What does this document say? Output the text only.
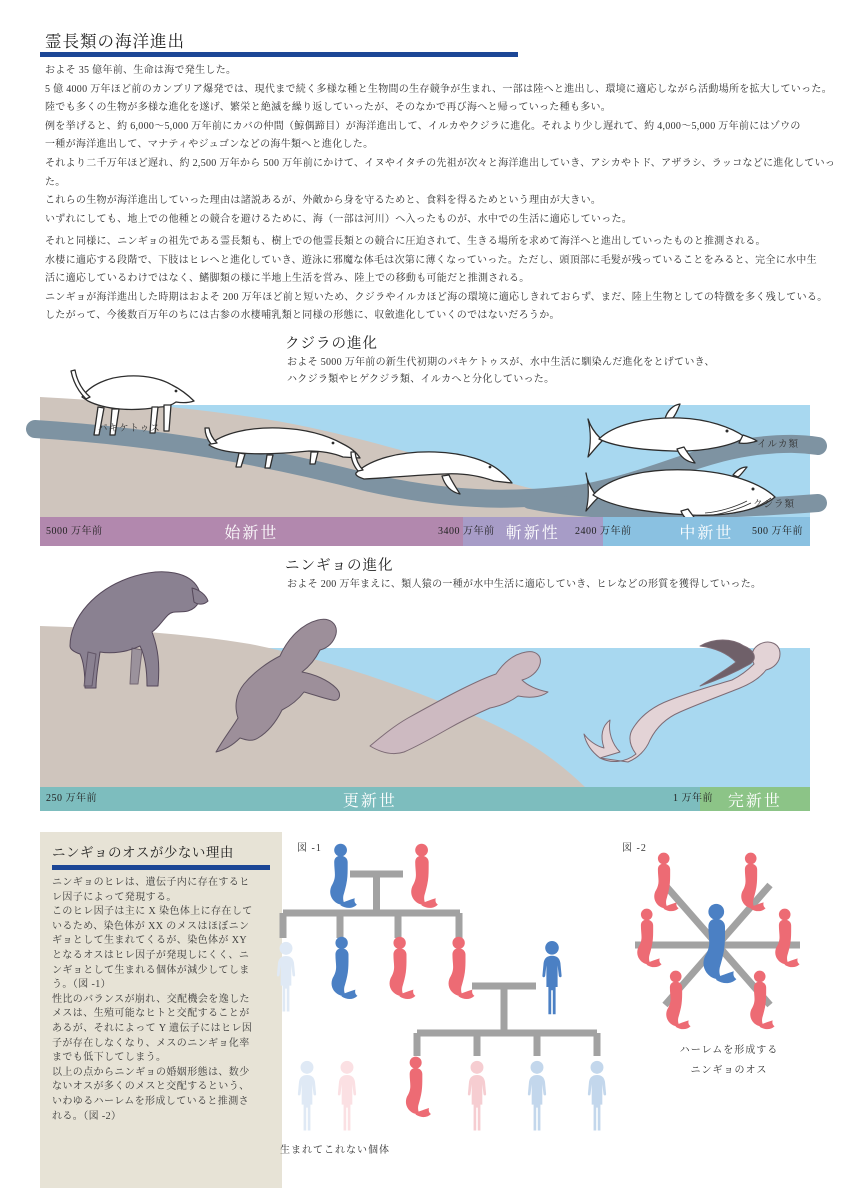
霊長類の海洋進出
およそ 35 億年前、生命は海で発生した。
5 億 4000 万年ほど前のカンブリア爆発では、現代まで続く多様な種と生物間の生存競争が生まれ、一部は陸へと進出し、環境に適応しながら活動場所を拡大していった。
陸でも多くの生物が多様な進化を遂げ、繁栄と絶滅を繰り返していったが、そのなかで再び海へと帰っていった種も多い。
例を挙げると、約 6,000〜5,000 万年前にカバの仲間（鯨偶蹄目）が海洋進出して、イルカやクジラに進化。それより少し遅れて、約 4,000〜5,000 万年前にはゾウの
一種が海洋進出して、マナティやジュゴンなどの海牛類へと進化した。
それより二千万年ほど遅れ、約 2,500 万年から 500 万年前にかけて、イヌやイタチの先祖が次々と海洋進出していき、アシカやトド、アザラシ、ラッコなどに進化していっ
た。
これらの生物が海洋進出していった理由は諸説あるが、外敵から身を守るためと、食料を得るためという理由が大きい。
いずれにしても、地上での他種との競合を避けるために、海（一部は河川）へ入ったものが、水中での生活に適応していった。
それと同様に、ニンギョの祖先である霊長類も、樹上での他霊長類との競合に圧迫されて、生きる場所を求めて海洋へと進出していったものと推測される。
水棲に適応する段階で、下肢はヒレへと進化していき、遊泳に邪魔な体毛は次第に薄くなっていった。ただし、頭頂部に毛髪が残っていることをみると、完全に水中生
活に適応しているわけではなく、鰭脚類の様に半地上生活を営み、陸上での移動も可能だと推測される。
ニンギョが海洋進出した時期はおよそ 200 万年ほど前と短いため、クジラやイルカほど海の環境に適応しきれておらず、まだ、陸上生物としての特徴を多く残している。
したがって、今後数百万年のちには古参の水棲哺乳類と同様の形態に、収斂進化していくのではないだろうか。
クジラの進化
およそ 5000 万年前の新生代初期のパキケトゥスが、水中生活に馴染んだ進化をとげていき、
ハクジラ類やヒゲクジラ類、イルカへと分化していった。
パキケトゥス
イルカ類
クジラ類
5000 万年前	3400 万年前	2400 万年前	500 万年前
始新世	斬新性	中新世
ニンギョの進化
およそ 200 万年まえに、類人猿の一種が水中生活に適応していき、ヒレなどの形質を獲得していった。
250 万年前	1 万年前
更新世	完新世
ニンギョのオスが少ない理由
ニンギョのヒレは、遺伝子内に存在するヒ
レ因子によって発現する。
このヒレ因子は主に X 染色体上に存在して
いるため、染色体が XX のメスはほぼニン
ギョとして生まれてくるが、染色体が XY
となるオスはヒレ因子が発現しにくく、ニ
ンギョとして生まれる個体が減少してしま
う。（図 -1）
性比のバランスが崩れ、交配機会を逸した
メスは、生殖可能なヒトと交配することが
あるが、それによって Y 遺伝子にはヒレ因
子が存在しなくなり、メスのニンギョ化率
までも低下してしまう。
以上の点からニンギョの婚姻形態は、数少
ないオスが多くのメスと交配するという、
いわゆるハーレムを形成していると推測さ
れる。（図 -2）
図 -1
生まれてこれない個体
図 -2
ハーレムを形成する
ニンギョのオス
